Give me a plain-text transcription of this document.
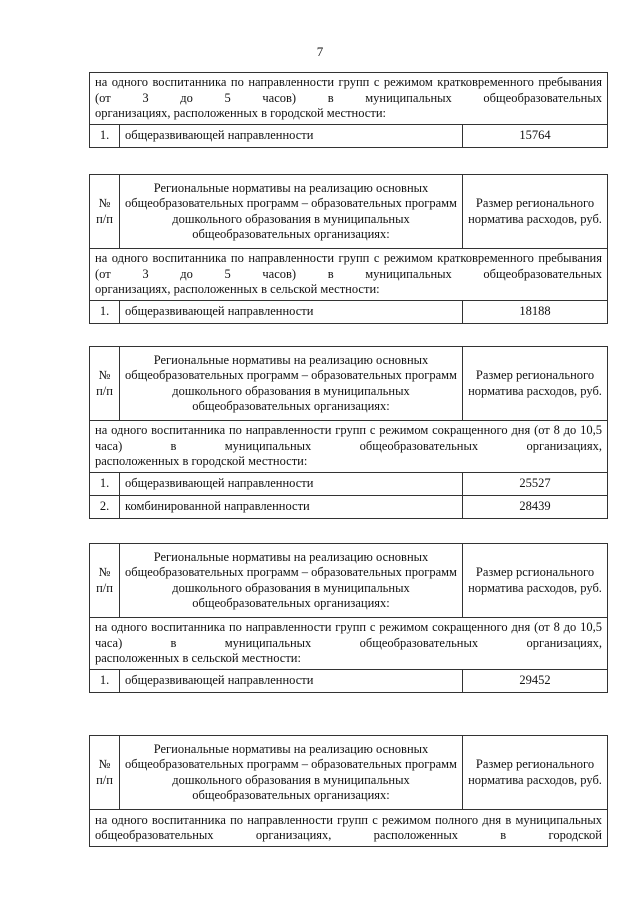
7
на одного воспитанника по направленности групп с режимом кратковременного пребывания (от 3 до 5 часов) в муниципальных общеобразовательных
организациях, расположенных в городской местности:

1.	общеразвивающей направленности	15764
№ п/п	Региональные нормативы на реализацию основных общеобразовательных программ – образовательных программ дошкольного образования в муниципальных общеобразовательных организациях:	Размер регионального норматива расходов, руб.
на одного воспитанника по направленности групп с режимом кратковременного пребывания (от 3 до 5 часов) в муниципальных общеобразовательных
организациях, расположенных в сельской местности:		

1.	общеразвивающей направленности	18188
№ п/п	Региональные нормативы на реализацию основных общеобразовательных программ – образовательных программ дошкольного образования в муниципальных общеобразовательных организациях:	Размер регионального норматива расходов, руб.
на одного воспитанника по направленности групп с режимом сокращенного дня (от 8 до 10,5 часа) в муниципальных общеобразовательных организациях,
расположенных в городской местности:		

1.	общеразвивающей направленности	25527
2.	комбинированной направленности	28439
№ п/п	Региональные нормативы на реализацию основных общеобразовательных программ – образовательных программ дошкольного образования в муниципальных общеобразовательных организациях:	Размер рсгионального норматива расходов, руб.
на одного воспитанника по направленности групп с режимом сокращенного дня (от 8 до 10,5 часа) в муниципальных общеобразовательных организациях,
расположенных в сельской местности:		

1.	общеразвивающей направленности	29452
№ п/п	Региональные нормативы на реализацию основных общеобразовательных программ – образовательных программ дошкольного образования в муниципальных общеобразовательных организациях:	Размер регионального норматива расходов, руб.
на одного воспитанника по направленности групп с режимом полного дня в муниципальных общеобразовательных организациях, расположенных в городской
